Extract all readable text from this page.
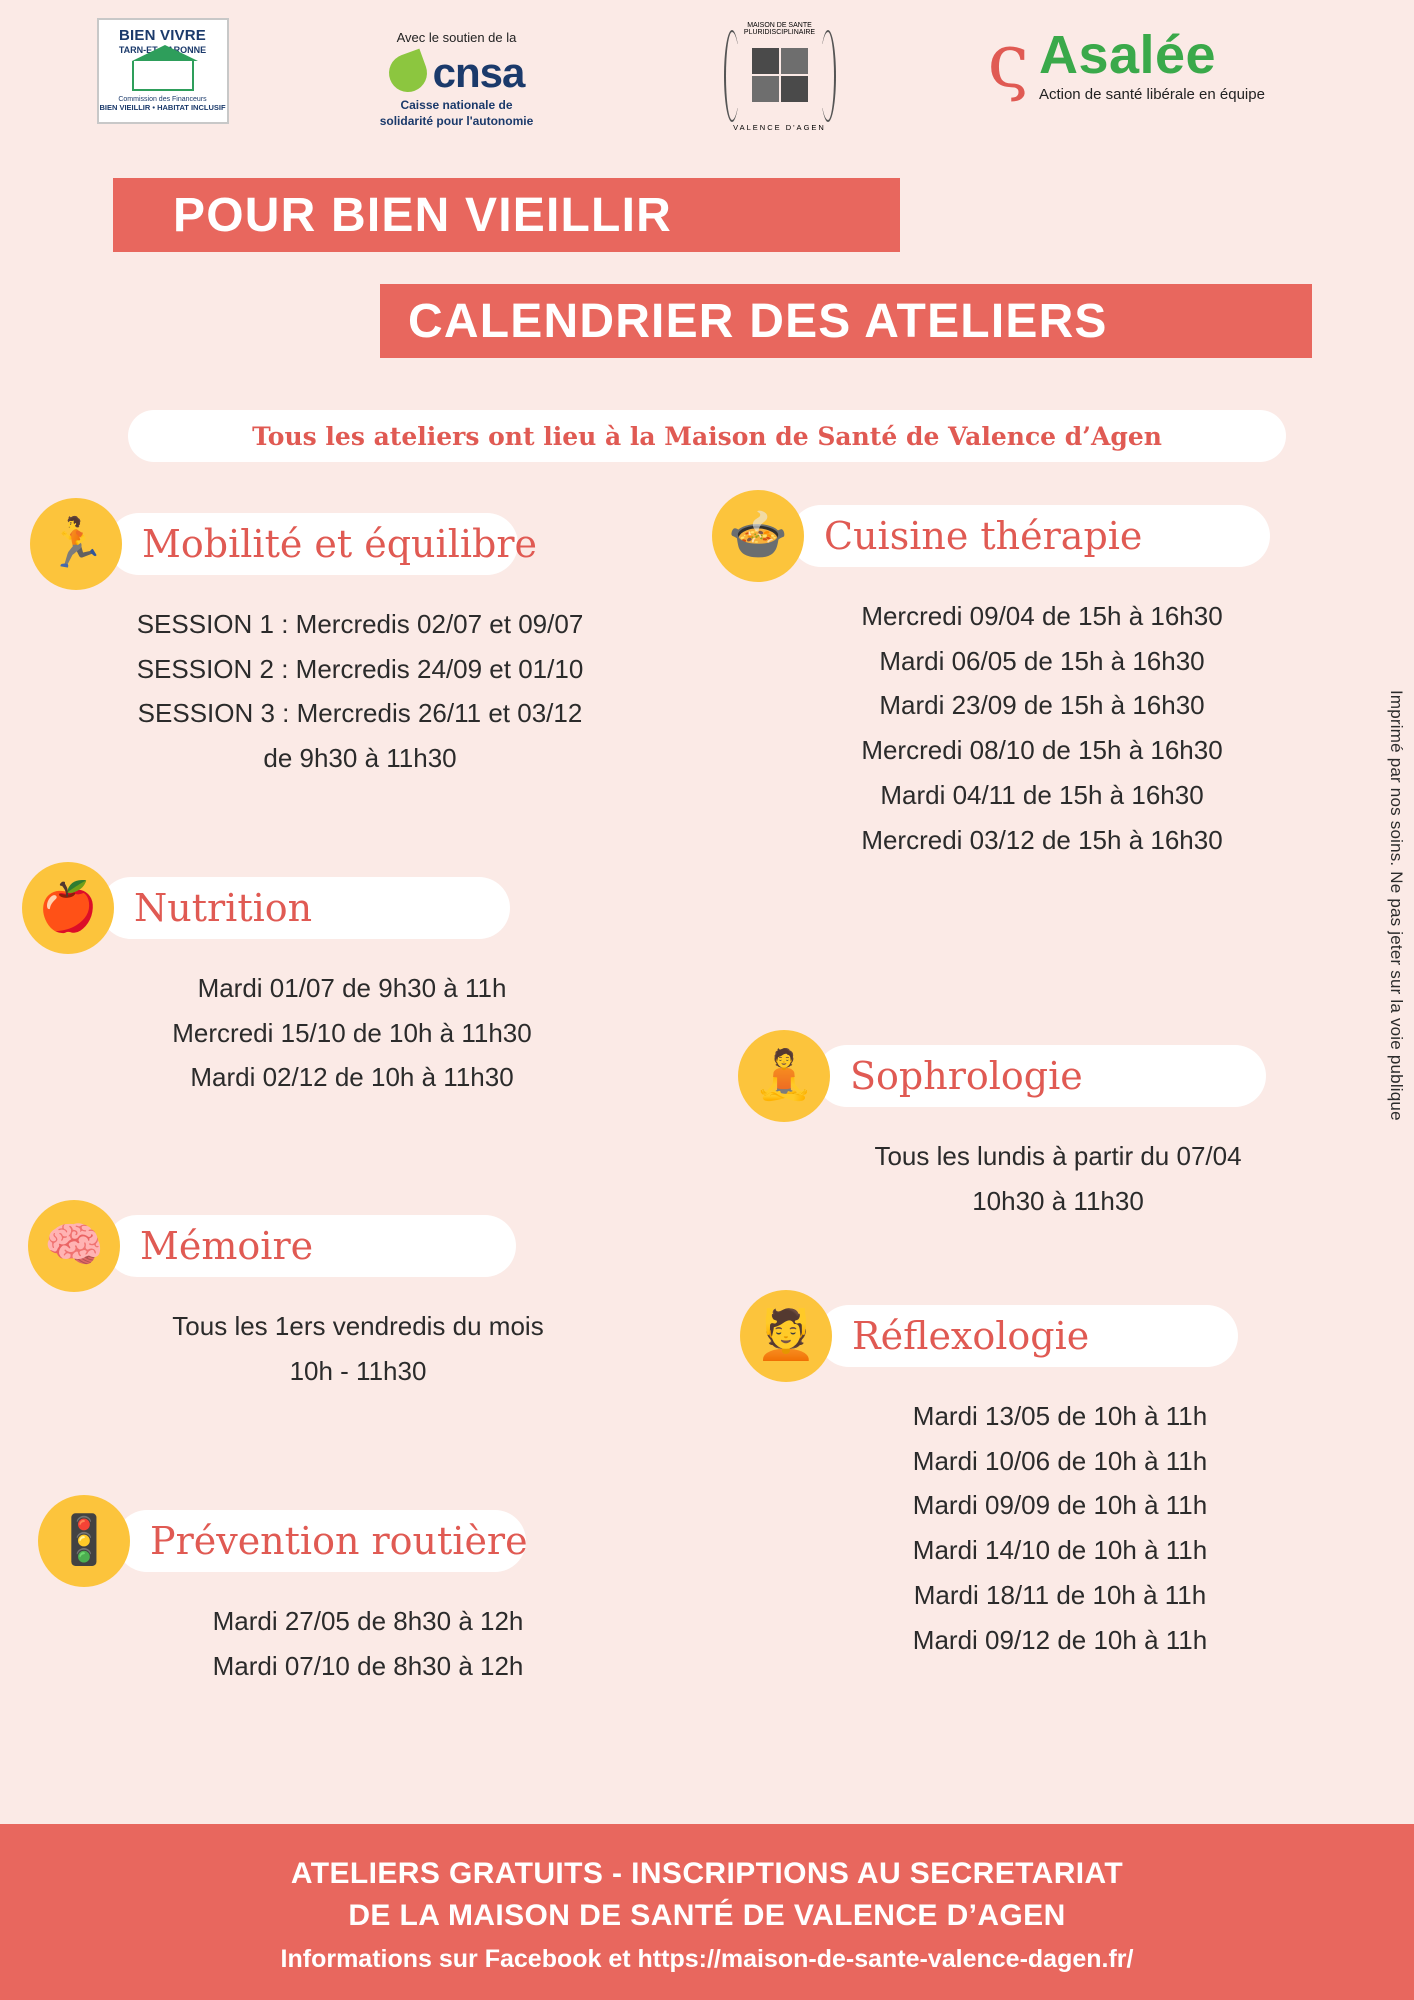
BIEN VIVRE
TARN-ET-GARONNE
Commission des Financeurs
BIEN VIEILLIR • HABITAT INCLUSIF
Avec le soutien de la
cnsa
Caisse nationale de
solidarité pour l'autonomie
MAISON DE SANTE PLURIDISCIPLINAIRE
VALENCE D'AGEN
ς Asalée
Action de santé libérale en équipe
POUR BIEN VIEILLIR
CALENDRIER DES ATELIERS
Tous les ateliers ont lieu à la Maison de Santé de Valence d’Agen
🏃 Mobilité et équilibre
SESSION 1 : Mercredis 02/07 et 09/07
SESSION 2 : Mercredis 24/09 et 01/10
SESSION 3 : Mercredis 26/11 et 03/12
de 9h30 à 11h30
🍎 Nutrition
Mardi 01/07 de 9h30 à 11h
Mercredi 15/10 de 10h à 11h30
Mardi 02/12 de 10h à 11h30
🧠 Mémoire
Tous les 1ers vendredis du mois
10h - 11h30
🚦 Prévention routière
Mardi 27/05 de 8h30 à 12h
Mardi 07/10 de 8h30 à 12h
🍲 Cuisine thérapie
Mercredi 09/04 de 15h à 16h30
Mardi 06/05 de 15h à 16h30
Mardi 23/09 de 15h à 16h30
Mercredi 08/10 de 15h à 16h30
Mardi 04/11 de 15h à 16h30
Mercredi 03/12 de 15h à 16h30
🧘 Sophrologie
Tous les lundis à partir du 07/04
10h30 à 11h30
💆 Réflexologie
Mardi 13/05 de 10h à 11h
Mardi 10/06 de 10h à 11h
Mardi 09/09 de 10h à 11h
Mardi 14/10 de 10h à 11h
Mardi 18/11 de 10h à 11h
Mardi 09/12 de 10h à 11h
Imprimé par nos soins. Ne pas jeter sur la voie publique
ATELIERS GRATUITS - INSCRIPTIONS AU SECRETARIAT
DE LA MAISON DE SANTÉ DE VALENCE D’AGEN
Informations sur Facebook et https://maison-de-sante-valence-dagen.fr/
